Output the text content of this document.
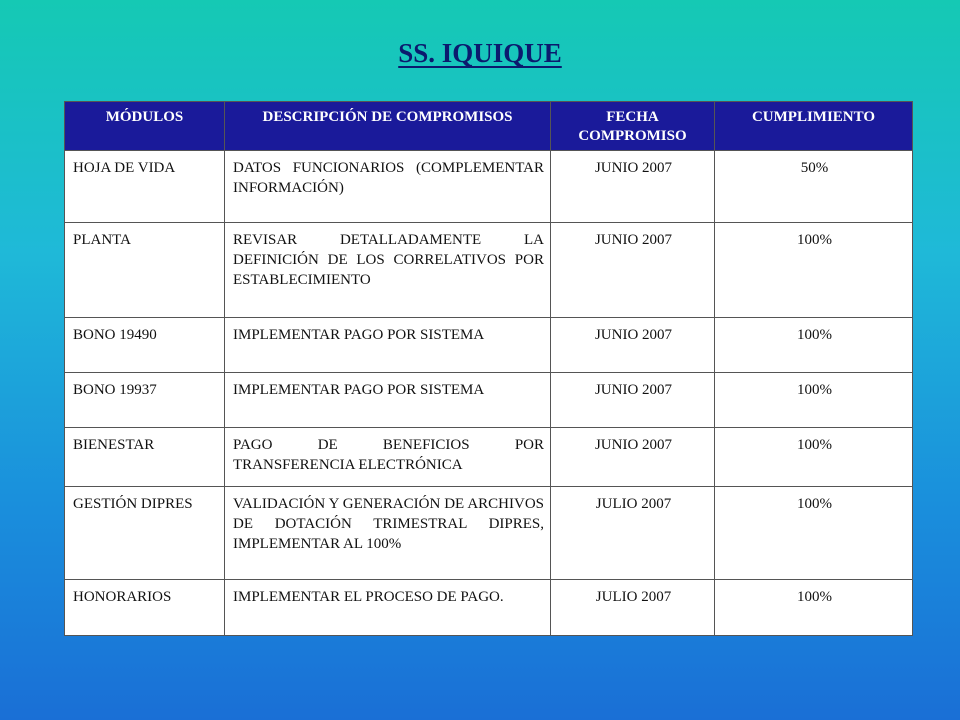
SS. IQUIQUE
MÓDULOS	DESCRIPCIÓN DE COMPROMISOS	FECHA COMPROMISO	CUMPLIMIENTO
HOJA DE VIDA	DATOS FUNCIONARIOS (COMPLEMENTAR INFORMACIÓN)	JUNIO 2007	50%
PLANTA	REVISAR DETALLADAMENTE LA DEFINICIÓN DE LOS CORRELATIVOS POR ESTABLECIMIENTO	JUNIO 2007	100%
BONO 19490	IMPLEMENTAR PAGO POR SISTEMA	JUNIO 2007	100%
BONO 19937	IMPLEMENTAR PAGO POR SISTEMA	JUNIO 2007	100%
BIENESTAR	PAGO DE BENEFICIOS POR TRANSFERENCIA ELECTRÓNICA	JUNIO 2007	100%
GESTIÓN DIPRES	VALIDACIÓN Y GENERACIÓN DE ARCHIVOS DE DOTACIÓN TRIMESTRAL DIPRES, IMPLEMENTAR AL 100%	JULIO 2007	100%
HONORARIOS	IMPLEMENTAR EL PROCESO DE PAGO.	JULIO 2007	100%
